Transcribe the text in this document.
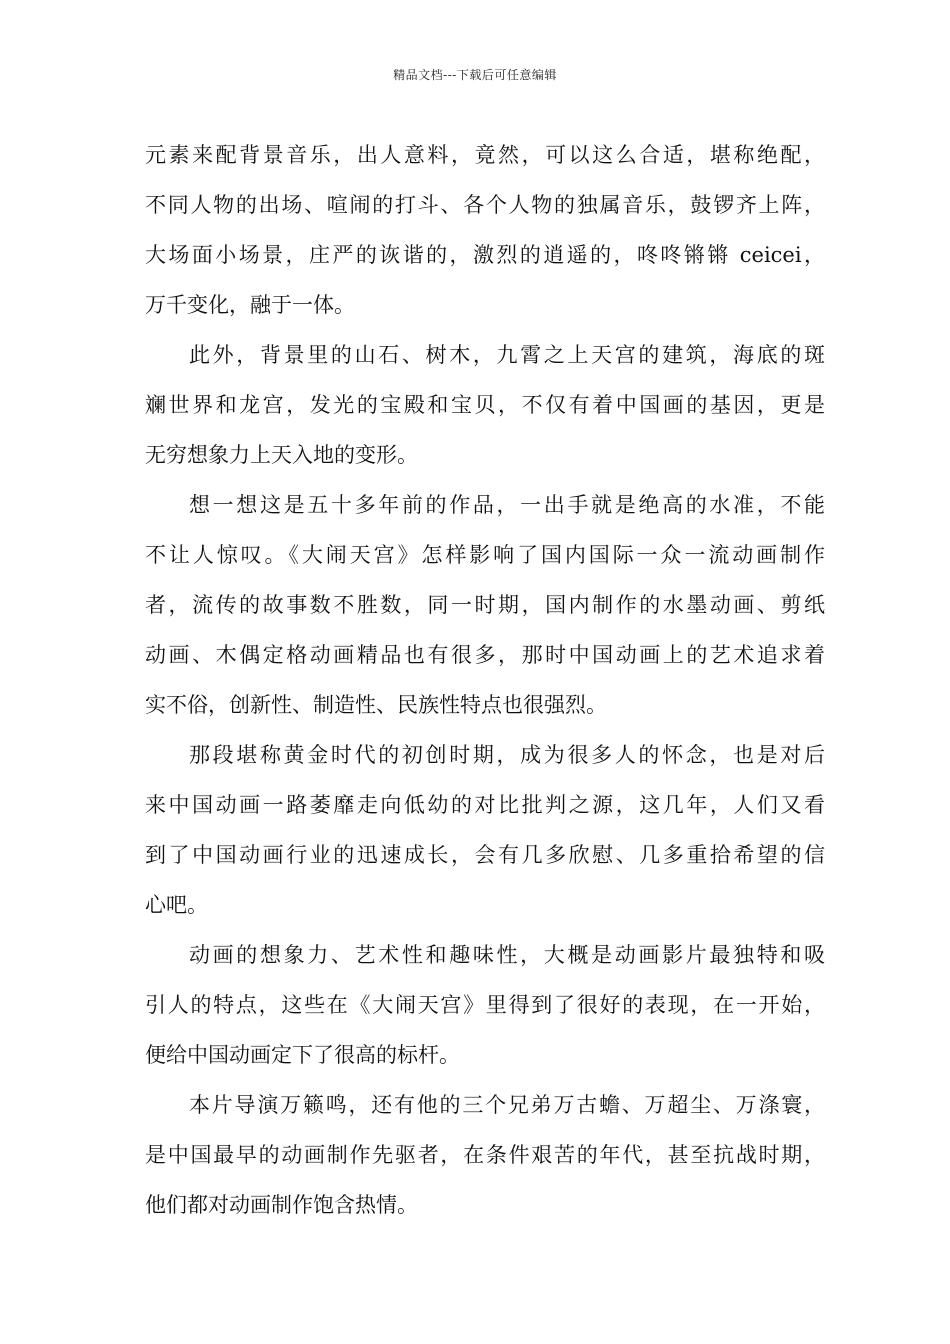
精品文档---下载后可任意编辑
元素来配背景音乐，出人意料，竟然，可以这么合适，堪称绝配，
不同人物的出场、喧闹的打斗、各个人物的独属音乐，鼓锣齐上阵，
大场面小场景，庄严的诙谐的，激烈的逍遥的，咚咚锵锵 ceicei，
万千变化，融于一体。
此外，背景里的山石、树木，九霄之上天宫的建筑，海底的斑
斓世界和龙宫，发光的宝殿和宝贝，不仅有着中国画的基因，更是
无穷想象力上天入地的变形。
想一想这是五十多年前的作品，一出手就是绝高的水准，不能
不让人惊叹。《大闹天宫》怎样影响了国内国际一众一流动画制作
者，流传的故事数不胜数，同一时期，国内制作的水墨动画、剪纸
动画、木偶定格动画精品也有很多，那时中国动画上的艺术追求着
实不俗，创新性、制造性、民族性特点也很强烈。
那段堪称黄金时代的初创时期，成为很多人的怀念，也是对后
来中国动画一路萎靡走向低幼的对比批判之源，这几年，人们又看
到了中国动画行业的迅速成长，会有几多欣慰、几多重拾希望的信
心吧。
动画的想象力、艺术性和趣味性，大概是动画影片最独特和吸
引人的特点，这些在《大闹天宫》里得到了很好的表现，在一开始，
便给中国动画定下了很高的标杆。
本片导演万籁鸣，还有他的三个兄弟万古蟾、万超尘、万涤寰，
是中国最早的动画制作先驱者，在条件艰苦的年代，甚至抗战时期，
他们都对动画制作饱含热情。
